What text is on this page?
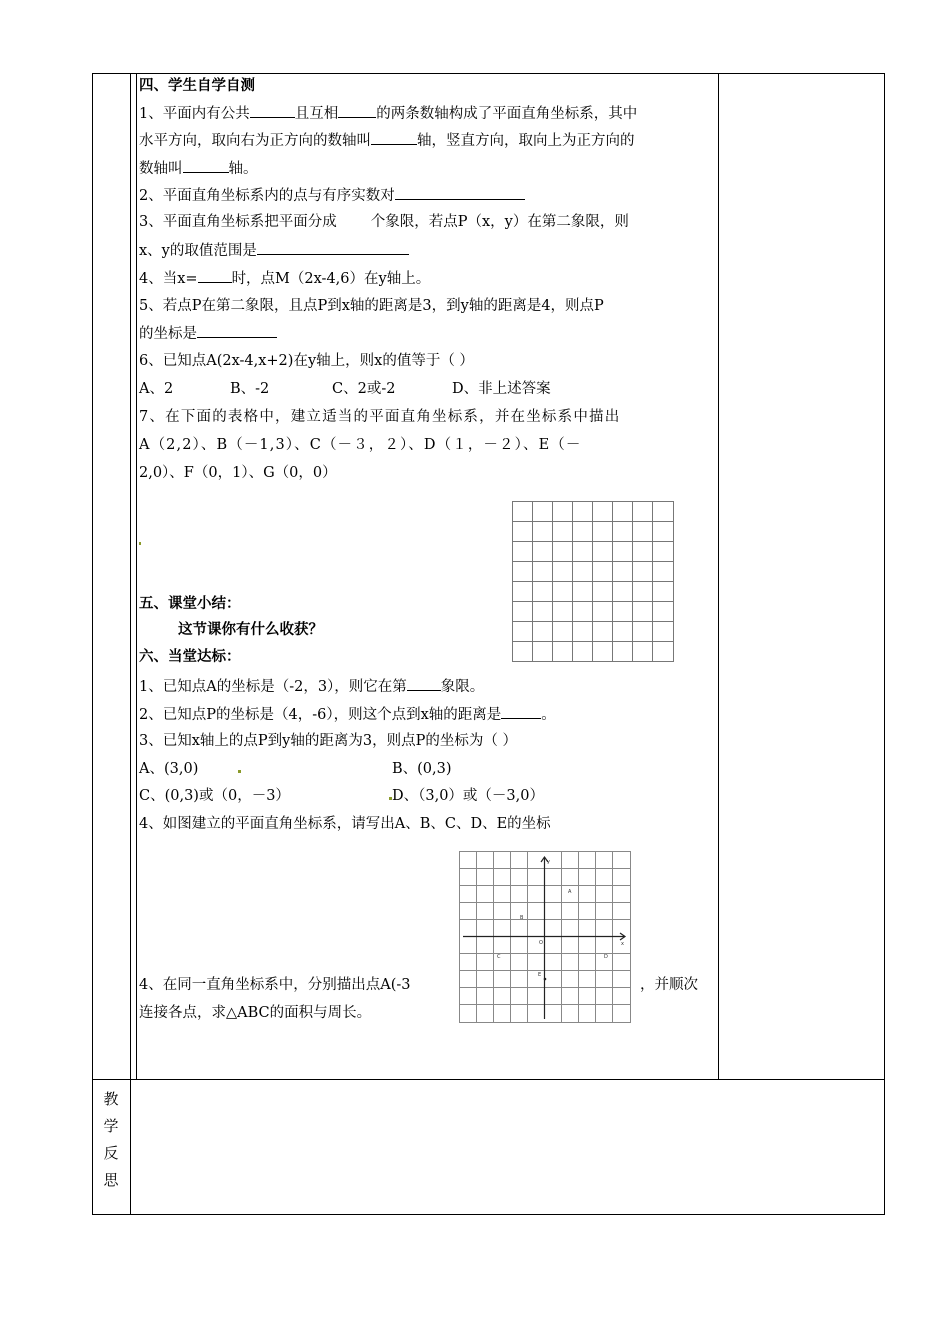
四、学生自学自测
1、平面内有公共	且互相	的两条数轴构成了平面直角坐标系，其中
水平方向，取向右为正方向的数轴叫	轴，竖直方向，取向上为正方向的
数轴叫	轴。
2、平面直角坐标系内的点与有序实数对
3、平面直角坐标系把平面分成 个象限，若点P（x，y）在第二象限，则
x、y的取值范围是
4、当x= 时，点M（2x-4,6）在y轴上。
5、若点P在第二象限，且点P到x轴的距离是3，到y轴的距离是4，则点P
的坐标是
6、已知点A(2x-4,x+2)在y轴上，则x的值等于（ ）
A、2	B、-2	C、2或-2	D、非上述答案
7、在下面的表格中，建立适当的平面直角坐标系，并在坐标系中描出
A（2,2）、B（－1,3）、C（－３，２）、D（１，－２）、E（－
2,0）、F（0，1）、G（0，0）
五、课堂小结：
这节课你有什么收获？
六、当堂达标：
1、已知点A的坐标是（-2，3），则它在第 象限。
2、已知点P的坐标是（4，-6），则这个点到x轴的距离是	。
3、已知x轴上的点P到y轴的距离为3，则点P的坐标为（ ）
A、(3,0)	B、(0,3)
C、(0,3)或（0，－3）	D、（3,0）或（－3,0）
4、如图建立的平面直角坐标系，请写出A、B、C、D、E的坐标
y
x
O
A
B
C	D
E
4、在同一直角坐标系中，分别描出点A(-3	，并顺次
连接各点，求△ABC的面积与周长。
教
学
反
思
